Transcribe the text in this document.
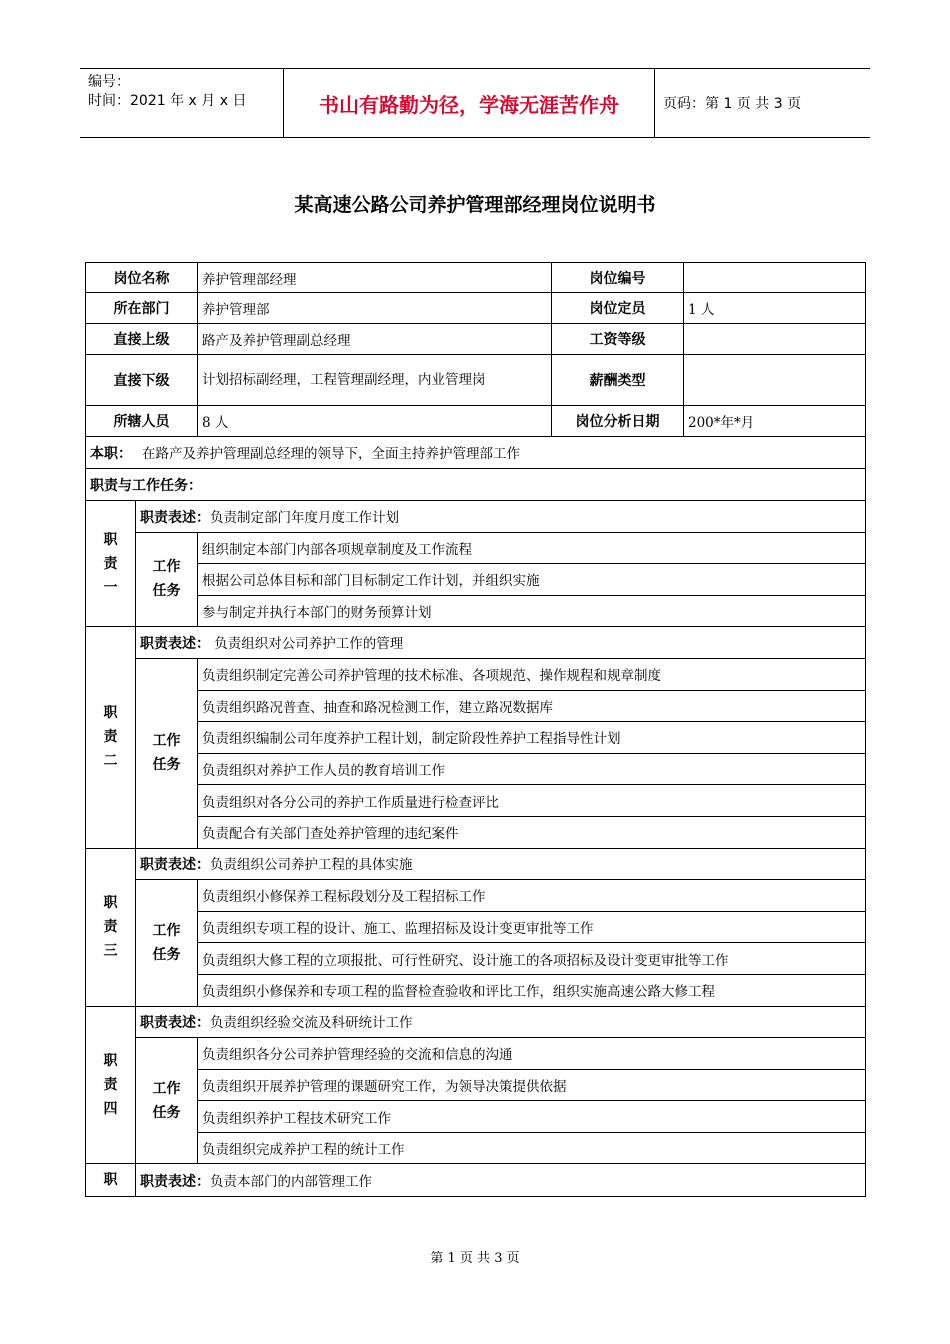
编号：
时间：2021 年 x 月 x 日	书山有路勤为径，学海无涯苦作舟	页码：第 1 页 共 3 页
某高速公路公司养护管理部经理岗位说明书
岗位名称		养护管理部经理	岗位编号	
所在部门		养护管理部	岗位定员	1 人
直接上级		路产及养护管理副总经理	工资等级	
直接下级		计划招标副经理，工程管理副经理，内业管理岗	薪酬类型	
所辖人员		8 人	岗位分析日期	200*年*月
本职： 在路产及养护管理副总经理的领导下，全面主持养护管理部工作				
职责与工作任务：				

职
责
一	职责表述：负责制定部门年度月度工作计划			

	工作
任务	组织制定本部门内部各项规章制度及工作流程		
		根据公司总体目标和部门目标制定工作计划，并组织实施		
		参与制定并执行本部门的财务预算计划		

职
责
二	职责表述： 负责组织对公司养护工作的管理			

	工作
任务	负责组织制定完善公司养护管理的技术标准、各项规范、操作规程和规章制度		
		负责组织路况普查、抽查和路况检测工作，建立路况数据库		
		负责组织编制公司年度养护工程计划，制定阶段性养护工程指导性计划		
		负责组织对养护工作人员的教育培训工作		
		负责组织对各分公司的养护工作质量进行检查评比		
		负责配合有关部门查处养护管理的违纪案件		

职
责
三	职责表述：负责组织公司养护工程的具体实施			

	工作
任务	负责组织小修保养工程标段划分及工程招标工作		
		负责组织专项工程的设计、施工、监理招标及设计变更审批等工作		
		负责组织大修工程的立项报批、可行性研究、设计施工的各项招标及设计变更审批等工作		
		负责组织小修保养和专项工程的监督检查验收和评比工作，组织实施高速公路大修工程		

职
责
四	职责表述：负责组织经验交流及科研统计工作			

	工作
任务	负责组织各分公司养护管理经验的交流和信息的沟通		
		负责组织开展养护管理的课题研究工作，为领导决策提供依据		
		负责组织养护工程技术研究工作		
		负责组织完成养护工程的统计工作		
职	职责表述：负责本部门的内部管理工作			
第 1 页 共 3 页
